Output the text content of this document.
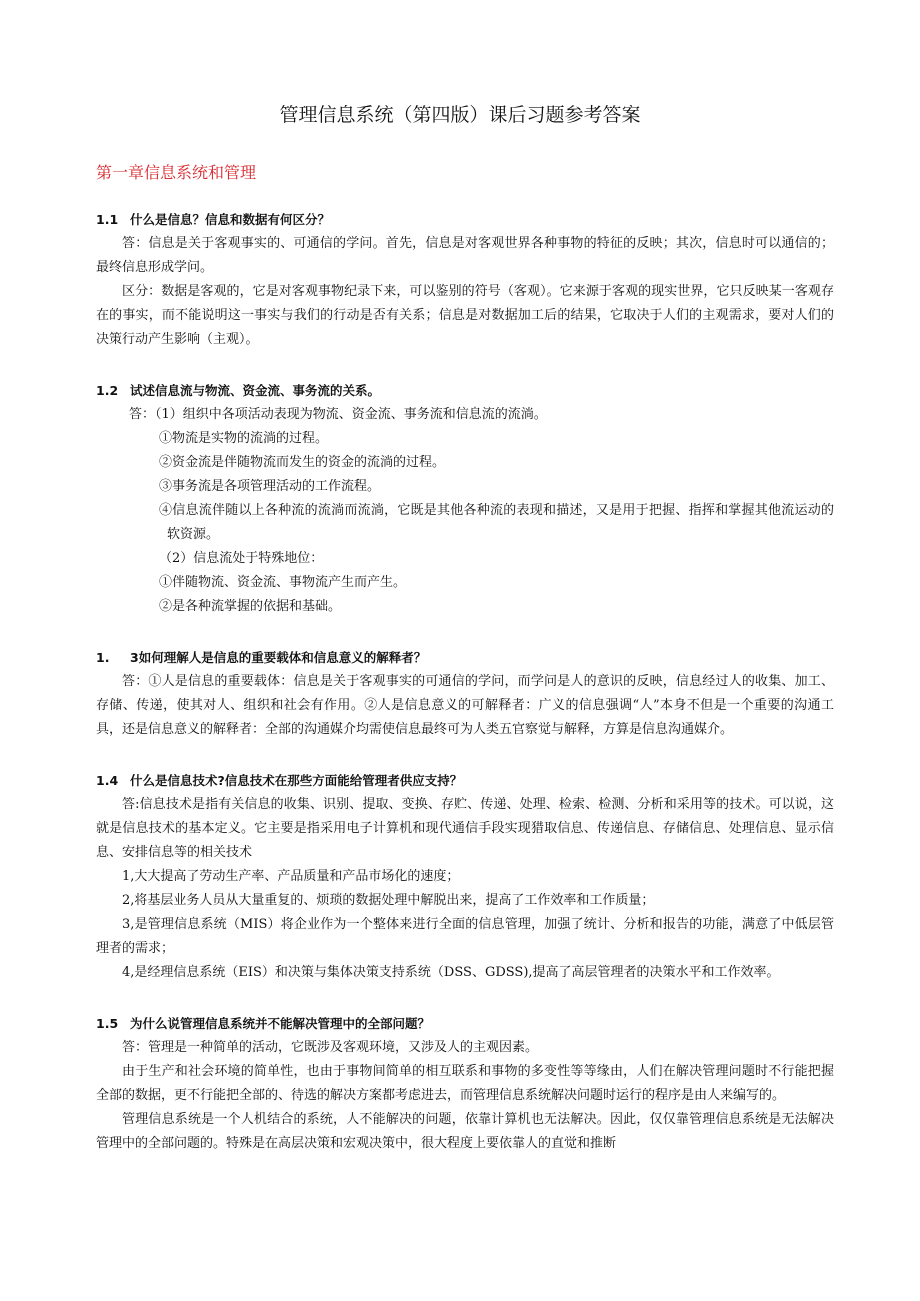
管理信息系统（第四版）课后习题参考答案
第一章信息系统和管理
1.1 什么是信息？信息和数据有何区分？

答：信息是关于客观事实的、可通信的学问。首先，信息是对客观世界各种事物的特征的反映；其次，信息时可以通信的；最终信息形成学问。

区分：数据是客观的，它是对客观事物纪录下来，可以鉴别的符号（客观）。它来源于客观的现实世界，它只反映某一客观存在的事实，而不能说明这一事实与我们的行动是否有关系；信息是对数据加工后的结果，它取决于人们的主观需求，要对人们的决策行动产生影响（主观）。

1.2 试述信息流与物流、资金流、事务流的关系。

答：（1）组织中各项活动表现为物流、资金流、事务流和信息流的流淌。

①物流是实物的流淌的过程。

②资金流是伴随物流而发生的资金的流淌的过程。

③事务流是各项管理活动的工作流程。

④信息流伴随以上各种流的流淌而流淌，它既是其他各种流的表现和描述，又是用于把握、指挥和掌握其他流运动的软资源。

（2）信息流处于特殊地位：

①伴随物流、资金流、事物流产生而产生。

②是各种流掌握的依据和基础。

1. 3如何理解人是信息的重要载体和信息意义的解释者？

答：①人是信息的重要载体：信息是关于客观事实的可通信的学问，而学问是人的意识的反映，信息经过人的收集、加工、存储、传递，使其对人、组织和社会有作用。②人是信息意义的可解释者：广义的信息强调“人”本身不但是一个重要的沟通工具，还是信息意义的解释者：全部的沟通媒介均需使信息最终可为人类五官察觉与解释，方算是信息沟通媒介。

1.4 什么是信息技术?信息技术在那些方面能给管理者供应支持？

答:信息技术是指有关信息的收集、识别、提取、变换、存贮、传递、处理、检索、检测、分析和采用等的技术。可以说，这就是信息技术的基本定义。它主要是指采用电子计算机和现代通信手段实现猎取信息、传递信息、存储信息、处理信息、显示信息、安排信息等的相关技术

1,大大提高了劳动生产率、产品质量和产品市场化的速度；

2,将基层业务人员从大量重复的、烦琐的数据处理中解脱出来，提高了工作效率和工作质量；

3,是管理信息系统（MIS）将企业作为一个整体来进行全面的信息管理，加强了统计、分析和报告的功能，满意了中低层管理者的需求；

4,是经理信息系统（EIS）和决策与集体决策支持系统（DSS、GDSS),提高了高层管理者的决策水平和工作效率。

1.5 为什么说管理信息系统并不能解决管理中的全部问题？

答：管理是一种简单的活动，它既涉及客观环境，又涉及人的主观因素。

由于生产和社会环境的简单性，也由于事物间简单的相互联系和事物的多变性等等缘由，人们在解决管理问题时不行能把握全部的数据，更不行能把全部的、待选的解决方案都考虑进去，而管理信息系统解决问题时运行的程序是由人来编写的。

管理信息系统是一个人机结合的系统，人不能解决的问题，依靠计算机也无法解决。因此，仅仅靠管理信息系统是无法解决管理中的全部问题的。特殊是在高层决策和宏观决策中，很大程度上要依靠人的直觉和推断
